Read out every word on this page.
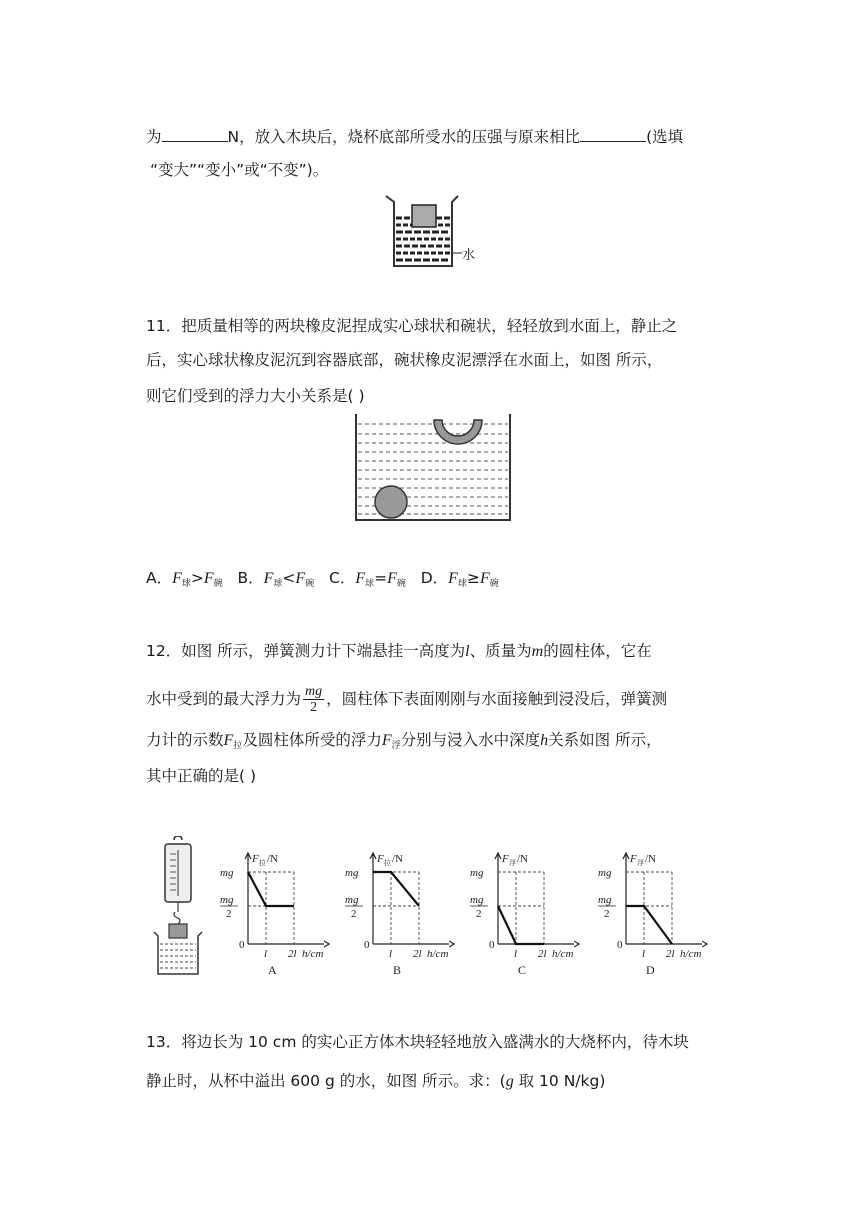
为	N，放入木块后，烧杯底部所受水的压强与原来相比	(选填
“变大”“变小”或“不变”)。
水
11．把质量相等的两块橡皮泥捏成实心球状和碗状，轻轻放到水面上，静止之
后，实心球状橡皮泥沉到容器底部，碗状橡皮泥漂浮在水面上，如图 所示，
则它们受到的浮力大小关系是( )
A．$F_球>F_碗$ B．$F_球<F_碗$ C．$F_球=F_碗$ D．$F_球\ge F_碗$
12．如图 所示，弹簧测力计下端悬挂一高度为l、质量为m的圆柱体，它在
水中受到的最大浮力为 $\frac{mg}{2}$ ，圆柱体下表面刚刚与水面接触到浸没后，弹簧测
力计的示数$F_拉$及圆柱体所受的浮力$F_浮$分别与浸入水中深度h关系如图 所示，
其中正确的是( )
F 拉 /N
mg
mg
2
0
l 2l h/cm
A
F 拉 /N
mg
mg
2
0
l 2l h/cm
B
F 浮 /N
mg
mg
2
0
l 2l h/cm
C
F 浮 /N
mg
mg
2
0
l 2l h/cm
D
13．将边长为 10 cm 的实心正方体木块轻轻地放入盛满水的大烧杯内，待木块
静止时，从杯中溢出 600 g 的水，如图 所示。求：(g 取 10 N/kg)
